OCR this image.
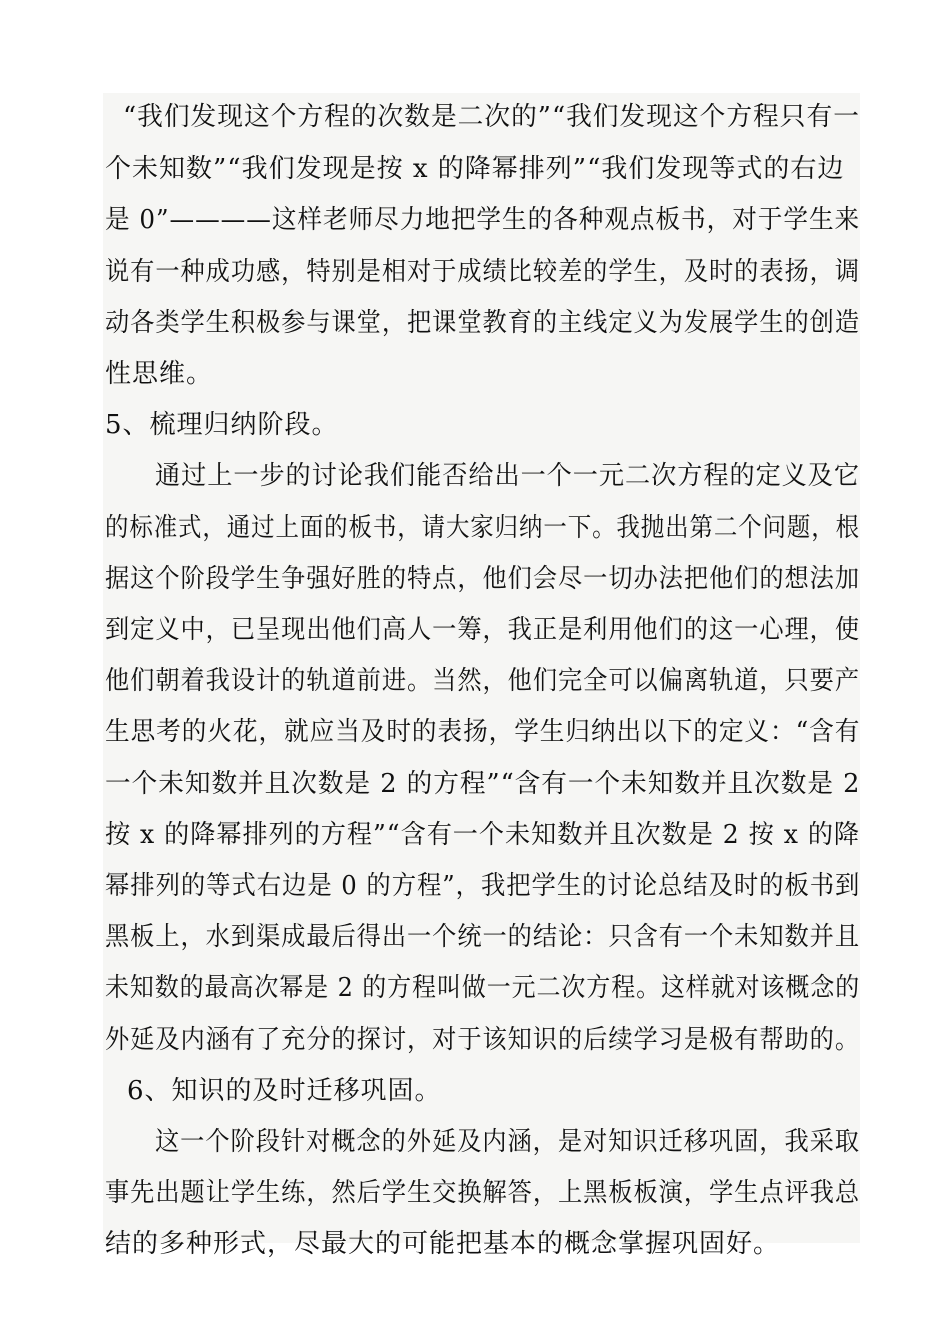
“我们发现这个方程的次数是二次的”“我们发现这个方程只有一
个未知数”“我们发现是按 x 的降幂排列”“我们发现等式的右边
是 0”————这样老师尽力地把学生的各种观点板书，对于学生来
说有一种成功感，特别是相对于成绩比较差的学生，及时的表扬，调
动各类学生积极参与课堂，把课堂教育的主线定义为发展学生的创造
性思维。
5、梳理归纳阶段。
通过上一步的讨论我们能否给出一个一元二次方程的定义及它
的标准式，通过上面的板书，请大家归纳一下。我抛出第二个问题，根
据这个阶段学生争强好胜的特点，他们会尽一切办法把他们的想法加
到定义中，已呈现出他们高人一筹，我正是利用他们的这一心理，使
他们朝着我设计的轨道前进。当然，他们完全可以偏离轨道，只要产
生思考的火花，就应当及时的表扬，学生归纳出以下的定义：“含有
一个未知数并且次数是 2 的方程”“含有一个未知数并且次数是 2
按 x 的降幂排列的方程”“含有一个未知数并且次数是 2 按 x 的降
幂排列的等式右边是 0 的方程”，我把学生的讨论总结及时的板书到
黑板上，水到渠成最后得出一个统一的结论：只含有一个未知数并且
未知数的最高次幂是 2 的方程叫做一元二次方程。这样就对该概念的
外延及内涵有了充分的探讨，对于该知识的后续学习是极有帮助的。
6、知识的及时迁移巩固。
这一个阶段针对概念的外延及内涵，是对知识迁移巩固，我采取
事先出题让学生练，然后学生交换解答，上黑板板演，学生点评我总
结的多种形式，尽最大的可能把基本的概念掌握巩固好。
